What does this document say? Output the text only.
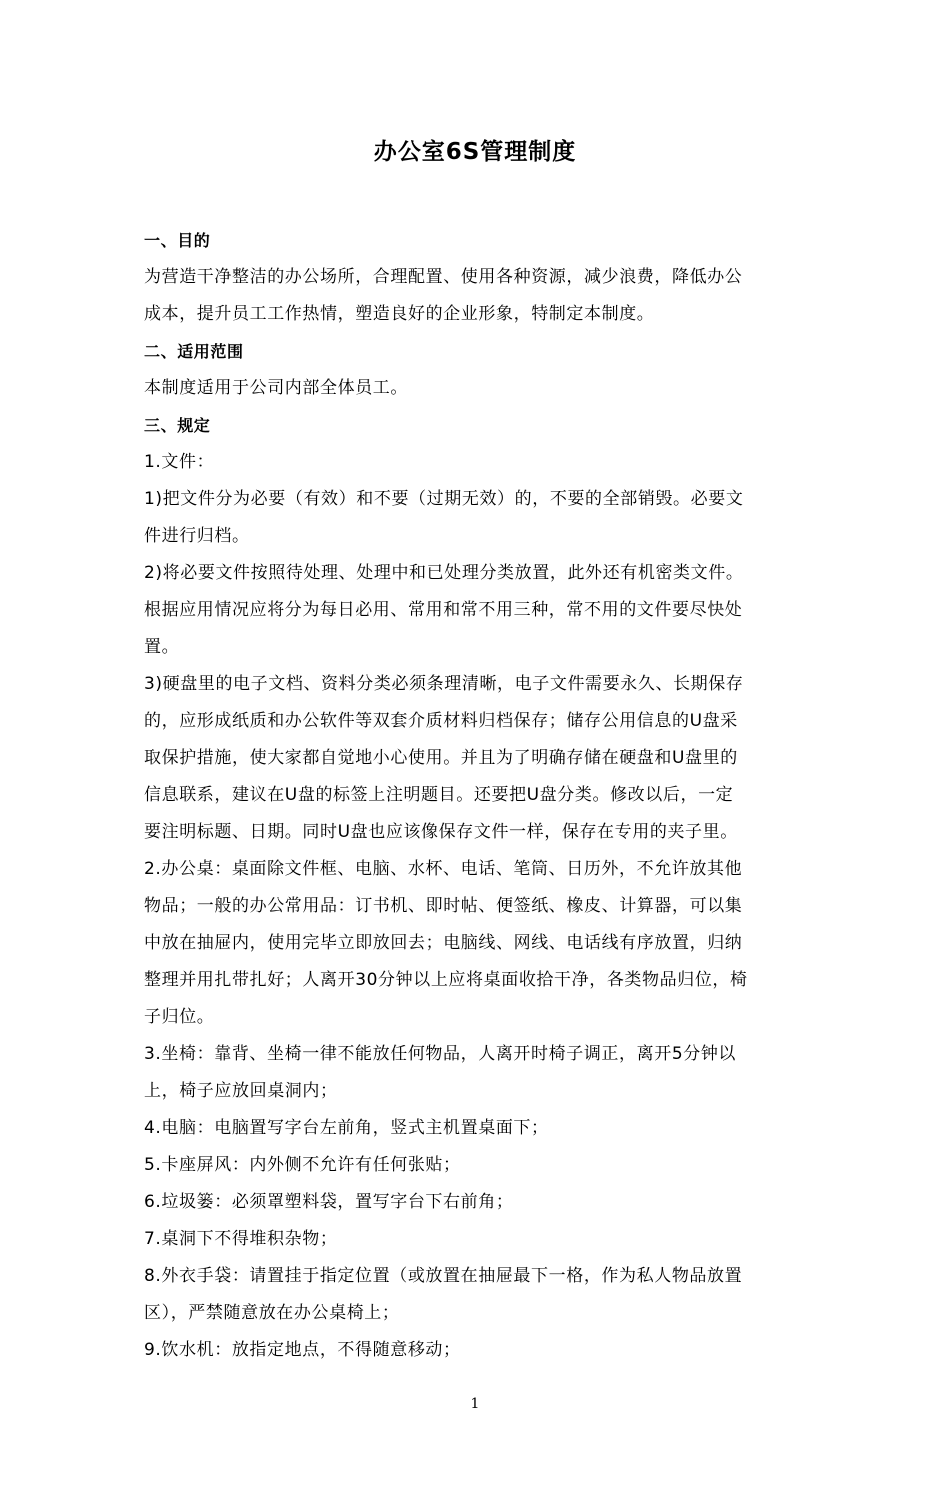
办公室6S管理制度

一、目的

为营造干净整洁的办公场所，合理配置、使用各种资源，减少浪费，降低办公

成本，提升员工工作热情，塑造良好的企业形象，特制定本制度。

二、适用范围

本制度适用于公司内部全体员工。

三、规定

1.文件：

1)把文件分为必要（有效）和不要（过期无效）的，不要的全部销毁。必要文

件进行归档。

2)将必要文件按照待处理、处理中和已处理分类放置，此外还有机密类文件。

根据应用情况应将分为每日必用、常用和常不用三种，常不用的文件要尽快处

置。

3)硬盘里的电子文档、资料分类必须条理清晰，电子文件需要永久、长期保存

的，应形成纸质和办公软件等双套介质材料归档保存；储存公用信息的U盘采

取保护措施，使大家都自觉地小心使用。并且为了明确存储在硬盘和U盘里的

信息联系，建议在U盘的标签上注明题目。还要把U盘分类。修改以后，一定

要注明标题、日期。同时U盘也应该像保存文件一样，保存在专用的夹子里。

2.办公桌：桌面除文件框、电脑、水杯、电话、笔筒、日历外，不允许放其他

物品；一般的办公常用品：订书机、即时帖、便签纸、橡皮、计算器，可以集

中放在抽屉内，使用完毕立即放回去；电脑线、网线、电话线有序放置，归纳

整理并用扎带扎好；人离开30分钟以上应将桌面收拾干净，各类物品归位，椅

子归位。

3.坐椅：靠背、坐椅一律不能放任何物品，人离开时椅子调正，离开5分钟以

上，椅子应放回桌洞内；

4.电脑：电脑置写字台左前角，竖式主机置桌面下；

5.卡座屏风：内外侧不允许有任何张贴；

6.垃圾篓：必须罩塑料袋，置写字台下右前角；

7.桌洞下不得堆积杂物；

8.外衣手袋：请置挂于指定位置（或放置在抽屉最下一格，作为私人物品放置

区），严禁随意放在办公桌椅上；

9.饮水机：放指定地点，不得随意移动；

1
